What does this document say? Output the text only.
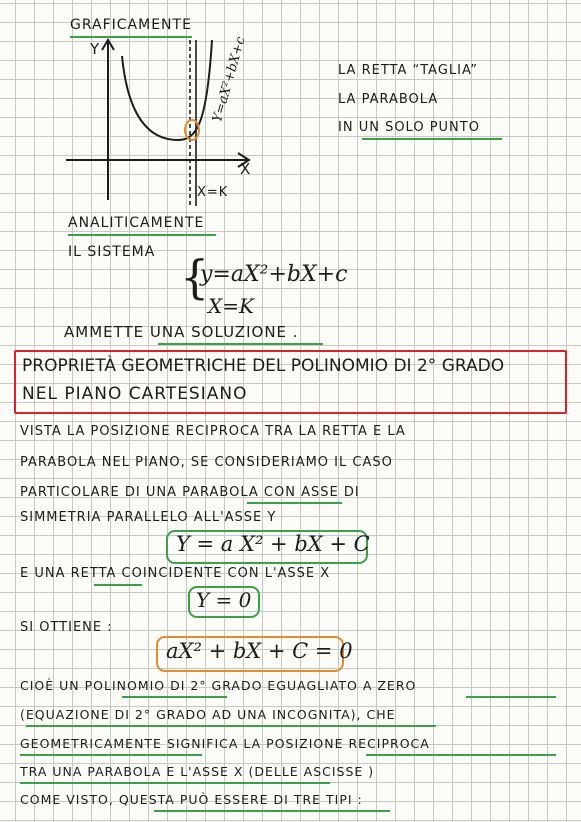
GRAFICAMENTE
Y
X
Y=aX²+bX+c
X=K
LA RETTA “TAGLIA”
LA PARABOLA
IN UN SOLO PUNTO
ANALITICAMENTE
IL SISTEMA {
y=aX²+bX+c
X=K
AMMETTE UNA SOLUZIONE .
PROPRIETÀ GEOMETRICHE DEL POLINOMIO DI 2° GRADO
NEL PIANO CARTESIANO
VISTA LA POSIZIONE RECIPROCA TRA LA RETTA E LA
PARABOLA NEL PIANO, SE CONSIDERIAMO IL CASO
PARTICOLARE DI UNA PARABOLA CON ASSE DI
SIMMETRIA PARALLELO ALL'ASSE Y
Y = a X² + bX + C
E UNA RETTA COINCIDENTE CON L'ASSE X
Y = 0
SI OTTIENE :
aX² + bX + C = 0
CIOÈ UN POLINOMIO DI 2° GRADO EGUAGLIATO A ZERO
(EQUAZIONE DI 2° GRADO AD UNA INCOGNITA), CHE
GEOMETRICAMENTE SIGNIFICA LA POSIZIONE RECIPROCA
TRA UNA PARABOLA E L'ASSE X (DELLE ASCISSE )
COME VISTO, QUESTA PUÒ ESSERE DI TRE TIPI :
